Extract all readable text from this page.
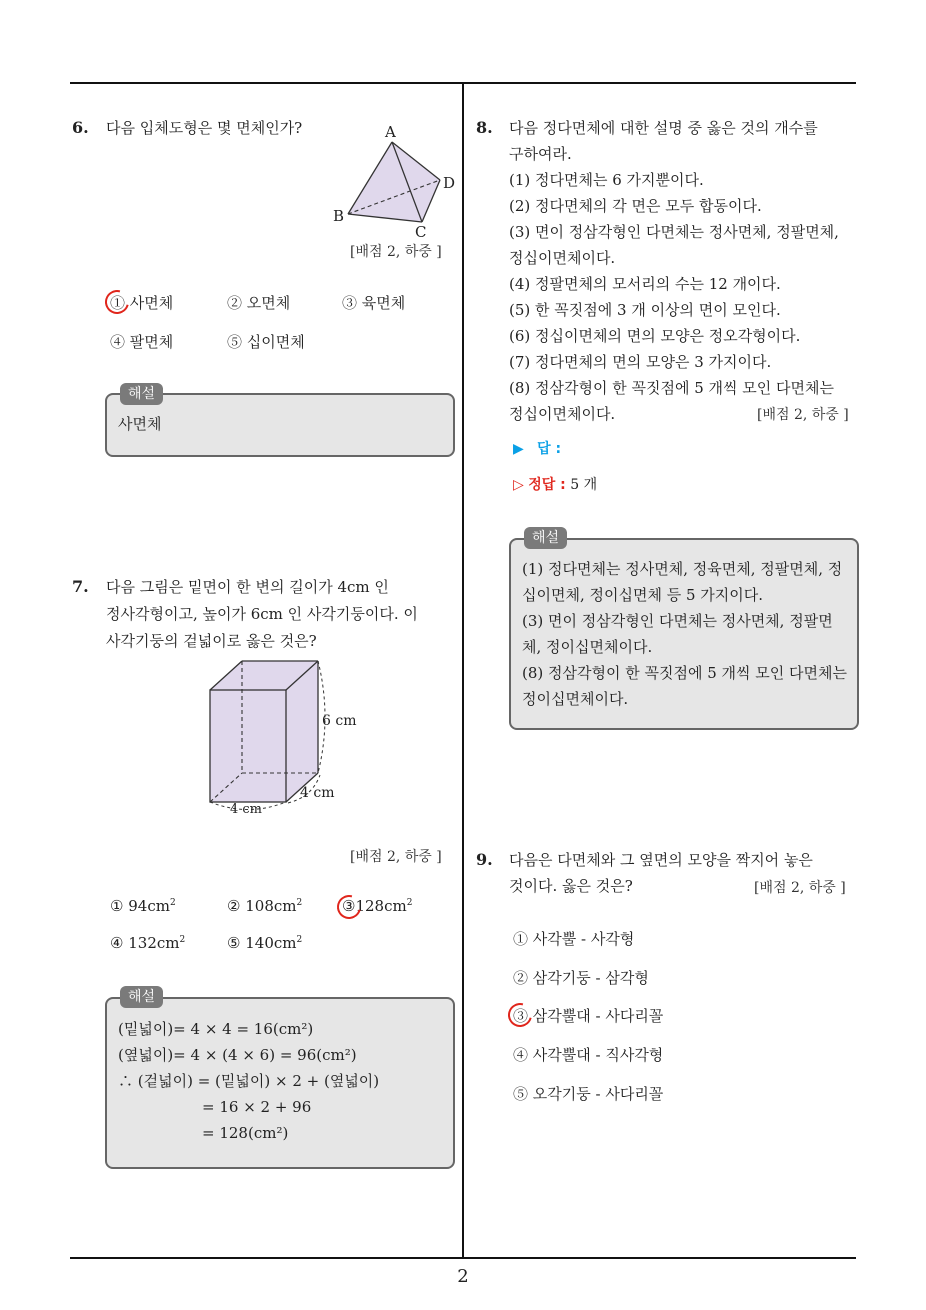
2
6. 다음 입체도형은 몇 면체인가?	A
D
B
C
[배점 2, 하중 ]
① 사면체	② 오면체	③ 육면체
④ 팔면체	⑤ 십이면체
해설
사면체
7. 다음 그림은 밑면이 한 변의 길이가 4cm 인
정사각형이고, 높이가 6cm 인 사각기둥이다. 이
사각기둥의 겉넓이로 옳은 것은?
6 cm
4 cm
4 cm
[배점 2, 하중 ]
① $94cm^2$	② $108cm^2$	$③128cm^2$
④ $132cm^2$	⑤ $140cm^2$
해설
(밑넓이)= 4 × 4 = 16(cm²)
(옆넓이)= 4 × (4 × 6) = 96(cm²)
∴ (겉넓이) = (밑넓이) × 2 + (옆넓이)
= 16 × 2 + 96
= 128(cm²)
8. 다음 정다면체에 대한 설명 중 옳은 것의 개수를
구하여라.
(1) 정다면체는 6 가지뿐이다.
(2) 정다면체의 각 면은 모두 합동이다.
(3) 면이 정삼각형인 다면체는 정사면체, 정팔면체,
정십이면체이다.
(4) 정팔면체의 모서리의 수는 12 개이다.
(5) 한 꼭짓점에 3 개 이상의 면이 모인다.
(6) 정십이면체의 면의 모양은 정오각형이다.
(7) 정다면체의 면의 모양은 3 가지이다.
(8) 정삼각형이 한 꼭짓점에 5 개씩 모인 다면체는
정십이면체이다.	[배점 2, 하중 ]
▶ 답 :
▷ 정답 : 5 개
해설
(1) 정다면체는 정사면체, 정육면체, 정팔면체, 정
십이면체, 정이십면체 등 5 가지이다.
(3) 면이 정삼각형인 다면체는 정사면체, 정팔면
체, 정이십면체이다.
(8) 정삼각형이 한 꼭짓점에 5 개씩 모인 다면체는
정이십면체이다.
9. 다음은 다면체와 그 옆면의 모양을 짝지어 놓은
것이다. 옳은 것은?	[배점 2, 하중 ]
① 사각뿔 - 사각형
② 삼각기둥 - 삼각형
③ 삼각뿔대 - 사다리꼴
④ 사각뿔대 - 직사각형
⑤ 오각기둥 - 사다리꼴
